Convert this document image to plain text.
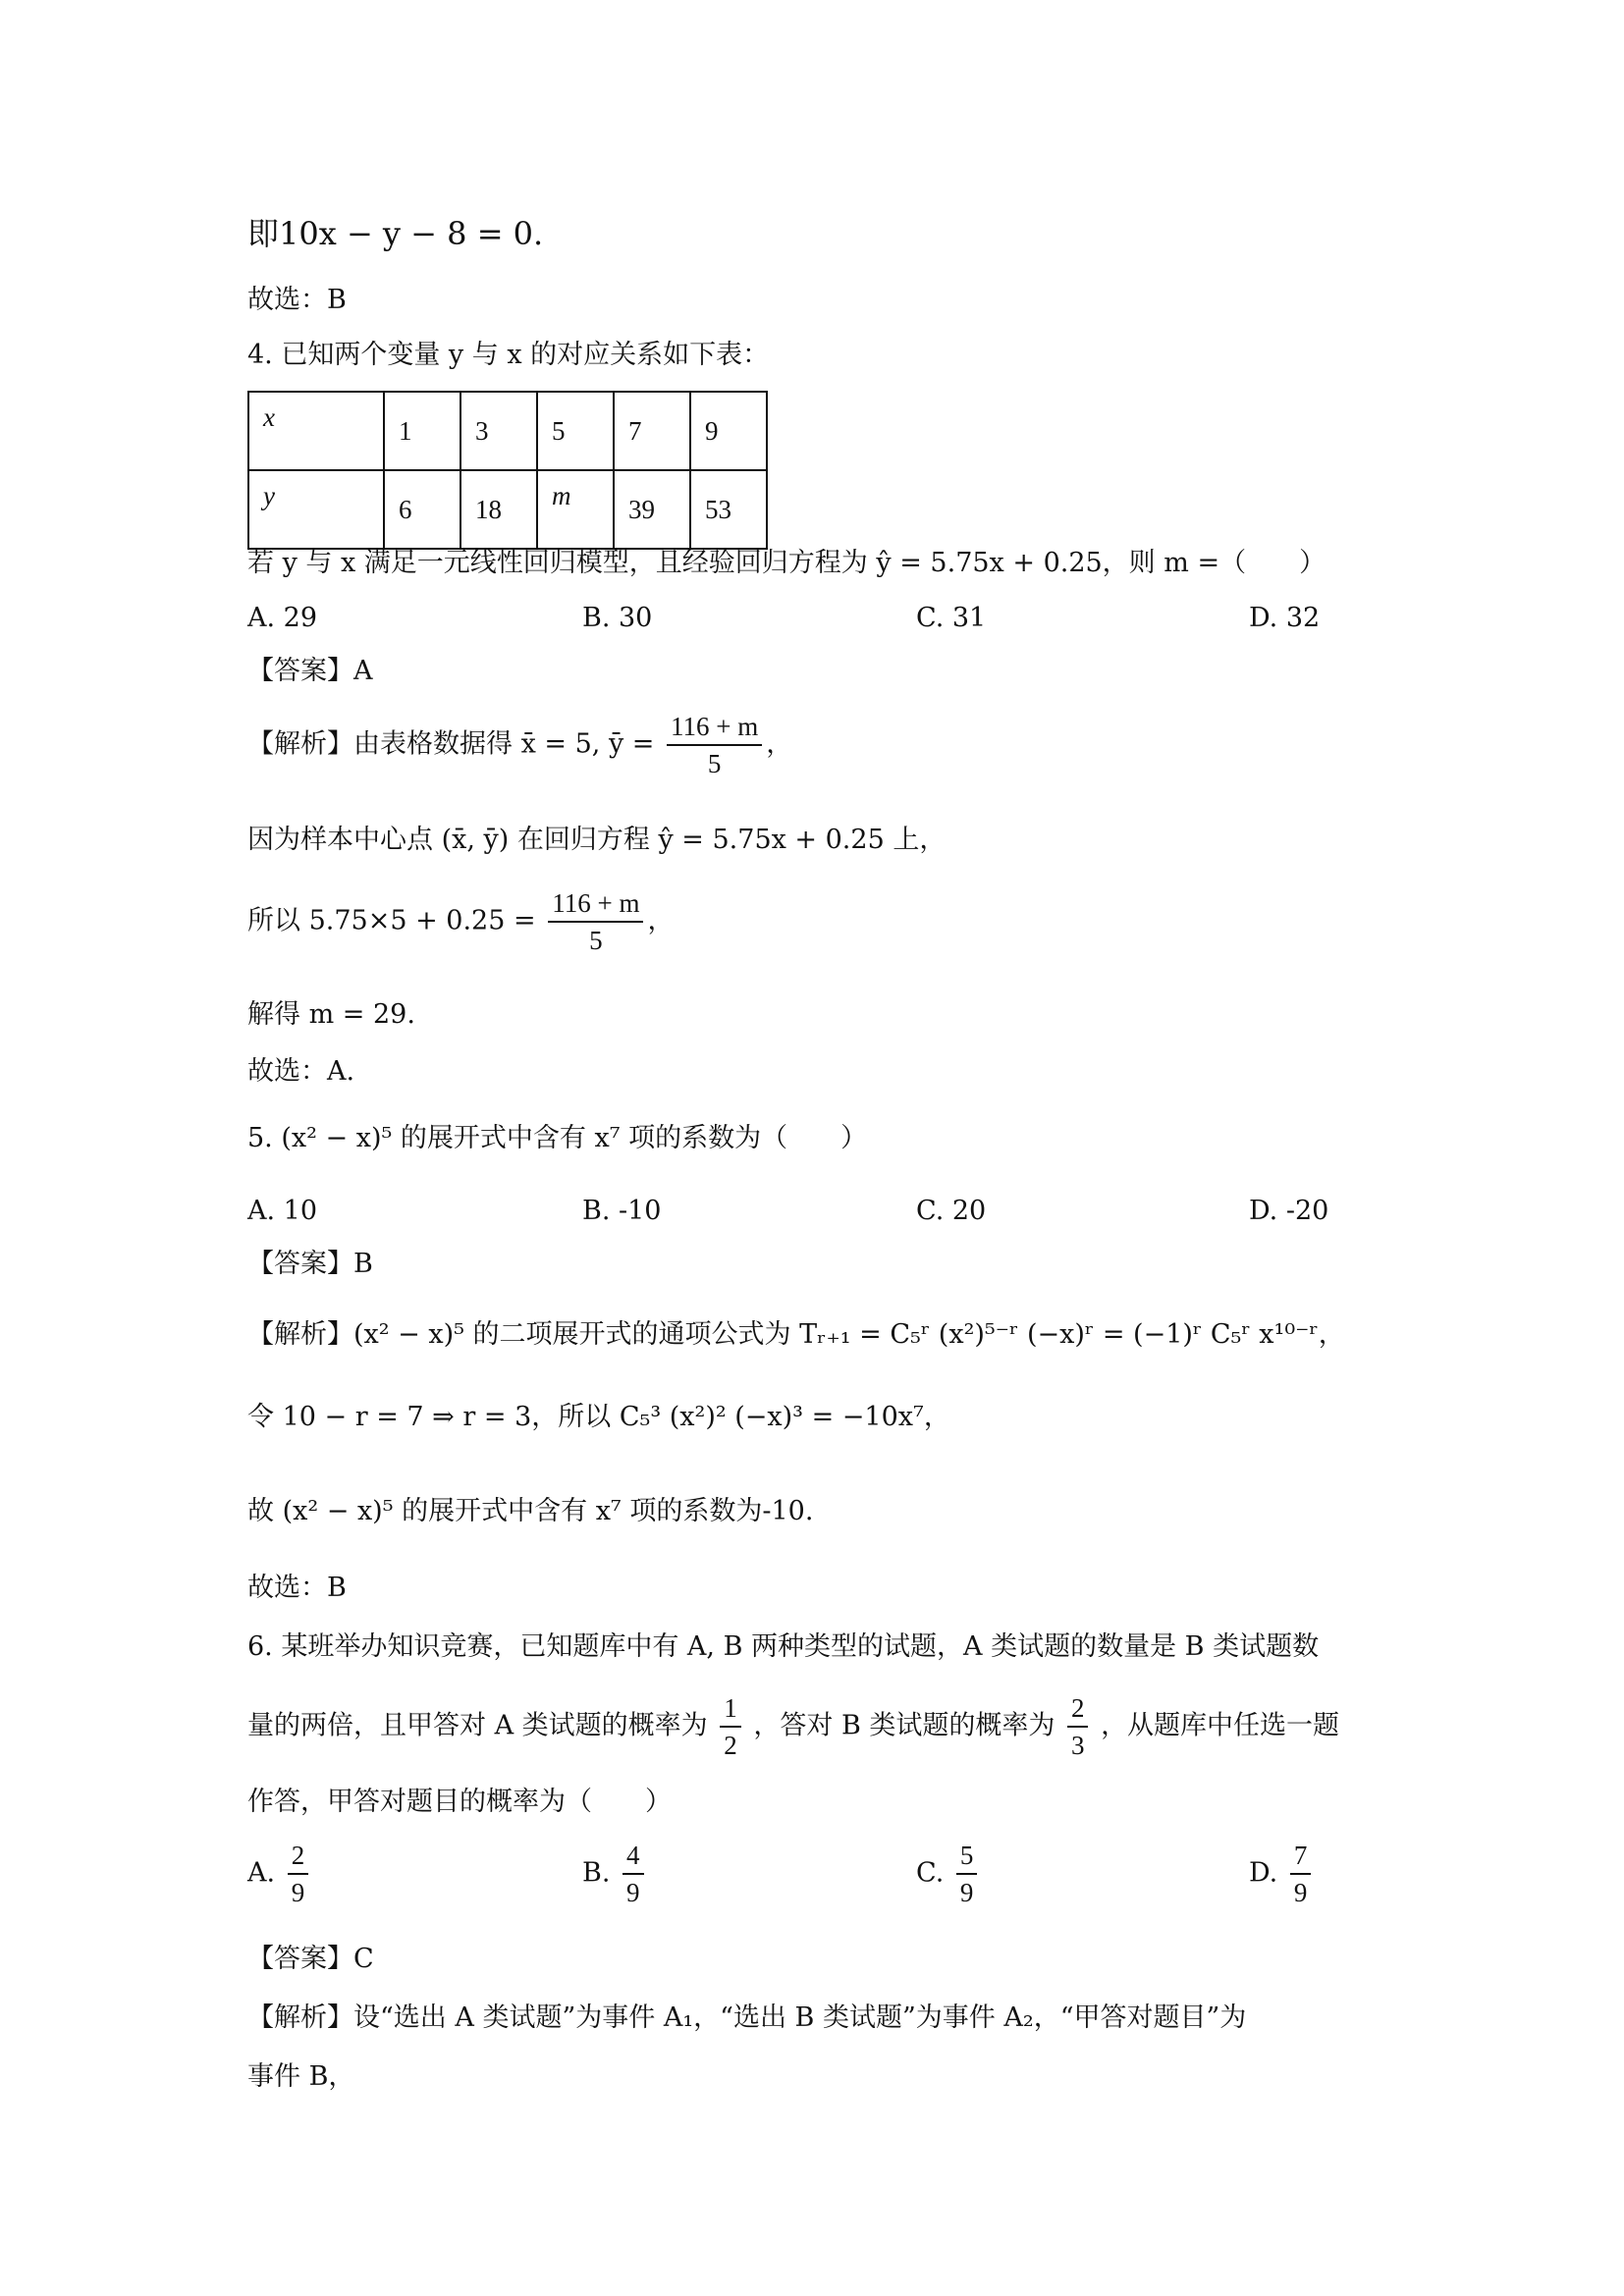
即10x − y − 8 = 0.
故选：B
4. 已知两个变量 y 与 x 的对应关系如下表：
x	1	3	5	7	9
y	6	18	m	39	53
若 y 与 x 满足一元线性回归模型，且经验回归方程为 ŷ = 5.75x + 0.25，则 m =（　　）
A. 29	B. 30	C. 31	D. 32
【答案】A
【解析】由表格数据得 x̄ = 5, ȳ = $\frac{116 + m}{5}$ ，
因为样本中心点 (x̄, ȳ) 在回归方程 ŷ = 5.75x + 0.25 上，
所以 $5.75\times 5 + 0.25 = \frac{116 + m}{5}$ ，
解得 m = 29.
故选：A.
5. (x² − x)⁵ 的展开式中含有 x⁷ 项的系数为（　　）
A. 10	B. -10	C. 20	D. -20
【答案】B
【解析】(x² − x)⁵ 的二项展开式的通项公式为 Tᵣ₊₁ = C₅ʳ (x²)⁵⁻ʳ (−x)ʳ = (−1)ʳ C₅ʳ x¹⁰⁻ʳ，
令 10 − r = 7 ⇒ r = 3，所以 C₅³ (x²)² (−x)³ = −10x⁷，
故 (x² − x)⁵ 的展开式中含有 x⁷ 项的系数为-10.
故选：B
6. 某班举办知识竞赛，已知题库中有 A, B 两种类型的试题，A 类试题的数量是 B 类试题数
量的两倍，且甲答对 A 类试题的概率为 $\frac{1}{2}$ ，答对 B 类试题的概率为 $\frac{2}{3}$ ，从题库中任选一题
作答，甲答对题目的概率为（　　）
A. $\frac{2}{9}$	B. $\frac{4}{9}$	C. $\frac{5}{9}$	D. $\frac{7}{9}$
【答案】C
【解析】设“选出 A 类试题”为事件 A₁，“选出 B 类试题”为事件 A₂，“甲答对题目”为
事件 B，
